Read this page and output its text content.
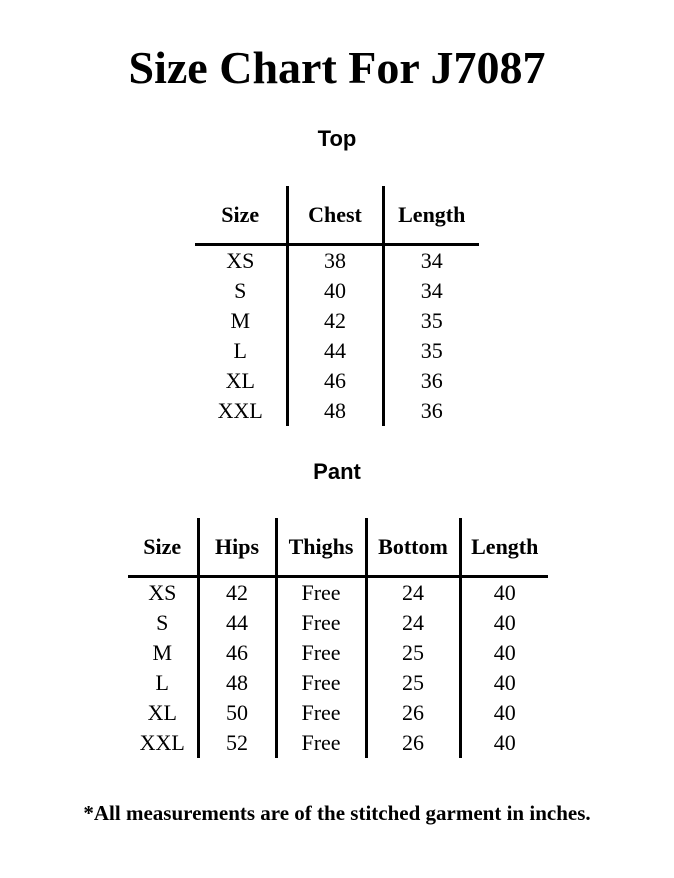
Size Chart For J7087
Top
Size	Chest	Length
XS	38	34
S	40	34
M	42	35
L	44	35
XL	46	36
XXL	48	36
Pant
Size	Hips	Thighs	Bottom	Length
XS	42	Free	24	40
S	44	Free	24	40
M	46	Free	25	40
L	48	Free	25	40
XL	50	Free	26	40
XXL	52	Free	26	40
*All measurements are of the stitched garment in inches.
